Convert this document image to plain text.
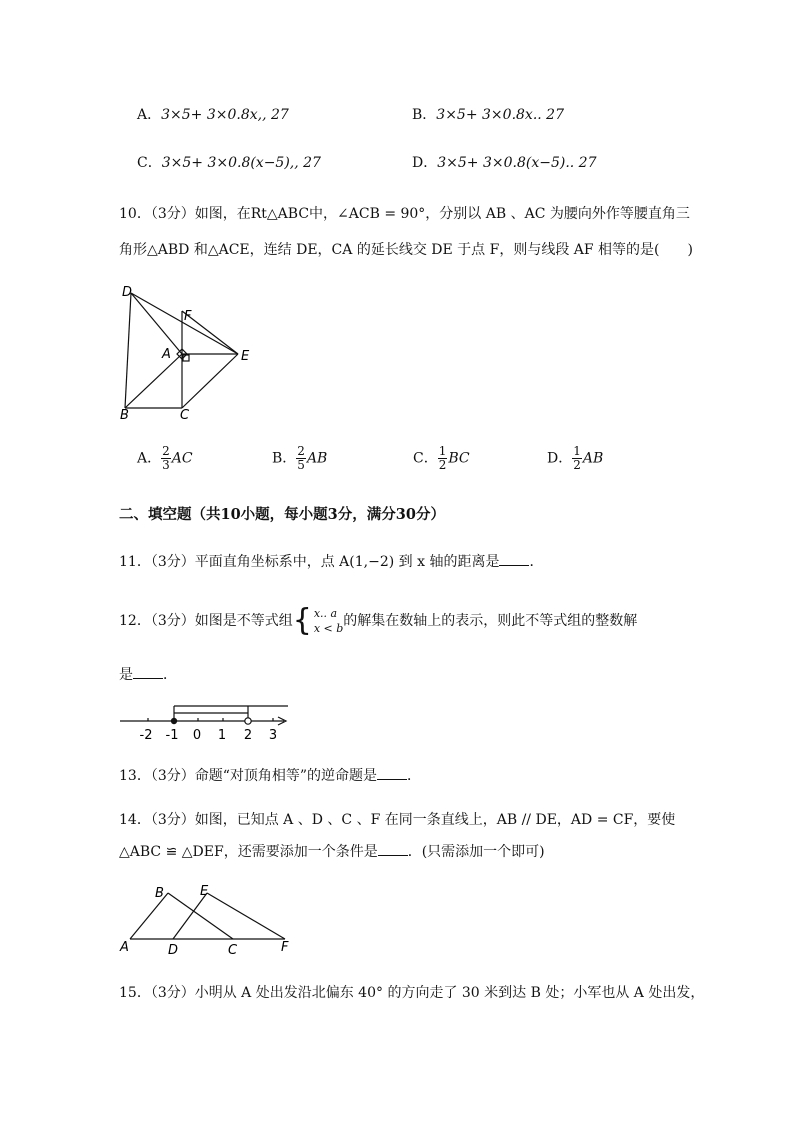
A．3×5+ 3×0.8x,, 27	B．3×5+ 3×0.8x.. 27
C．3×5+ 3×0.8(x−5),, 27	D．3×5+ 3×0.8(x−5).. 27
10．（3分）如图，在Rt△ABC中，∠ACB = 90°，分别以 AB 、AC 为腰向外作等腰直角三
角形△ABD 和△ACE，连结 DE，CA 的延长线交 DE 于点 F，则与线段 AF 相等的是(　　)
D
F
A	E
B	C
A． $\frac{2}{3}$ AC	B． $\frac{2}{5}$ AB	C． $\frac{1}{2}$ BC	D． $\frac{1}{2}$ AB
二、填空题（共10小题，每小题3分，满分30分）
11．（3分）平面直角坐标系中，点 A(1,−2) 到 x 轴的距离是 ．
12．（3分）如图是不等式组{ x.. a
x < b 的解集在数轴上的表示，则此不等式组的整数解
是 ．
-2 -1 0 1 2 3
13．（3分）命题“对顶角相等”的逆命题是 ．
14．（3分）如图，已知点 A 、D 、C 、F 在同一条直线上，AB // DE，AD = CF，要使
△ABC ≌ △DEF，还需要添加一个条件是 ．(只需添加一个即可)
B	E
A	D	C	F
15．（3分）小明从 A 处出发沿北偏东 40° 的方向走了 30 米到达 B 处；小军也从 A 处出发，
